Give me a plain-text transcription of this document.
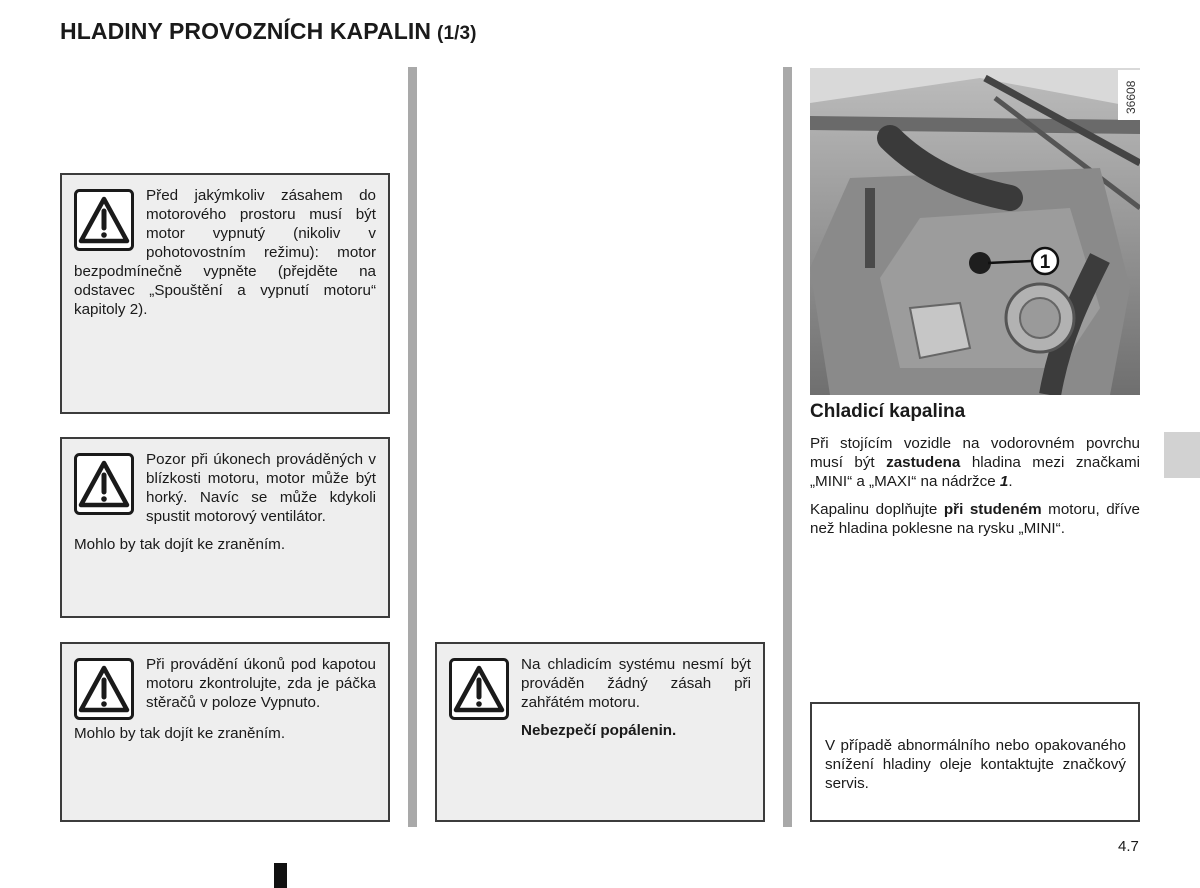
HLADINY PROVOZNÍCH KAPALIN (1/3)

Před jakýmkoliv zásahem do motorového prostoru musí být motor vypnutý (nikoliv v pohotovostním režimu): motor bezpodmínečně vypněte (přejděte na odstavec „Spouštění a vypnutí motoru“ kapitoly 2).

Pozor při úkonech prováděných v blízkosti motoru, motor může být horký. Navíc se může kdykoli spustit motorový ventilátor.

Mohlo by tak dojít ke zraněním.

Při provádění úkonů pod kapotou motoru zkontrolujte, zda je páčka stěračů v poloze Vypnuto.

Mohlo by tak dojít ke zraněním.

Na chladicím systému nesmí být prováděn žádný zásah při zahřátém motoru.

Nebezpečí popálenin.

1
36608
Chladicí kapalina

Při stojícím vozidle na vodorovném povrchu musí být zastudena hladina mezi značkami „MINI“ a „MAXI“ na nádržce 1.

Kapalinu doplňujte při studeném motoru, dříve než hladina poklesne na rysku „MINI“.

V případě abnormálního nebo opakovaného snížení hladiny oleje kontaktujte značkový servis.

4.7
